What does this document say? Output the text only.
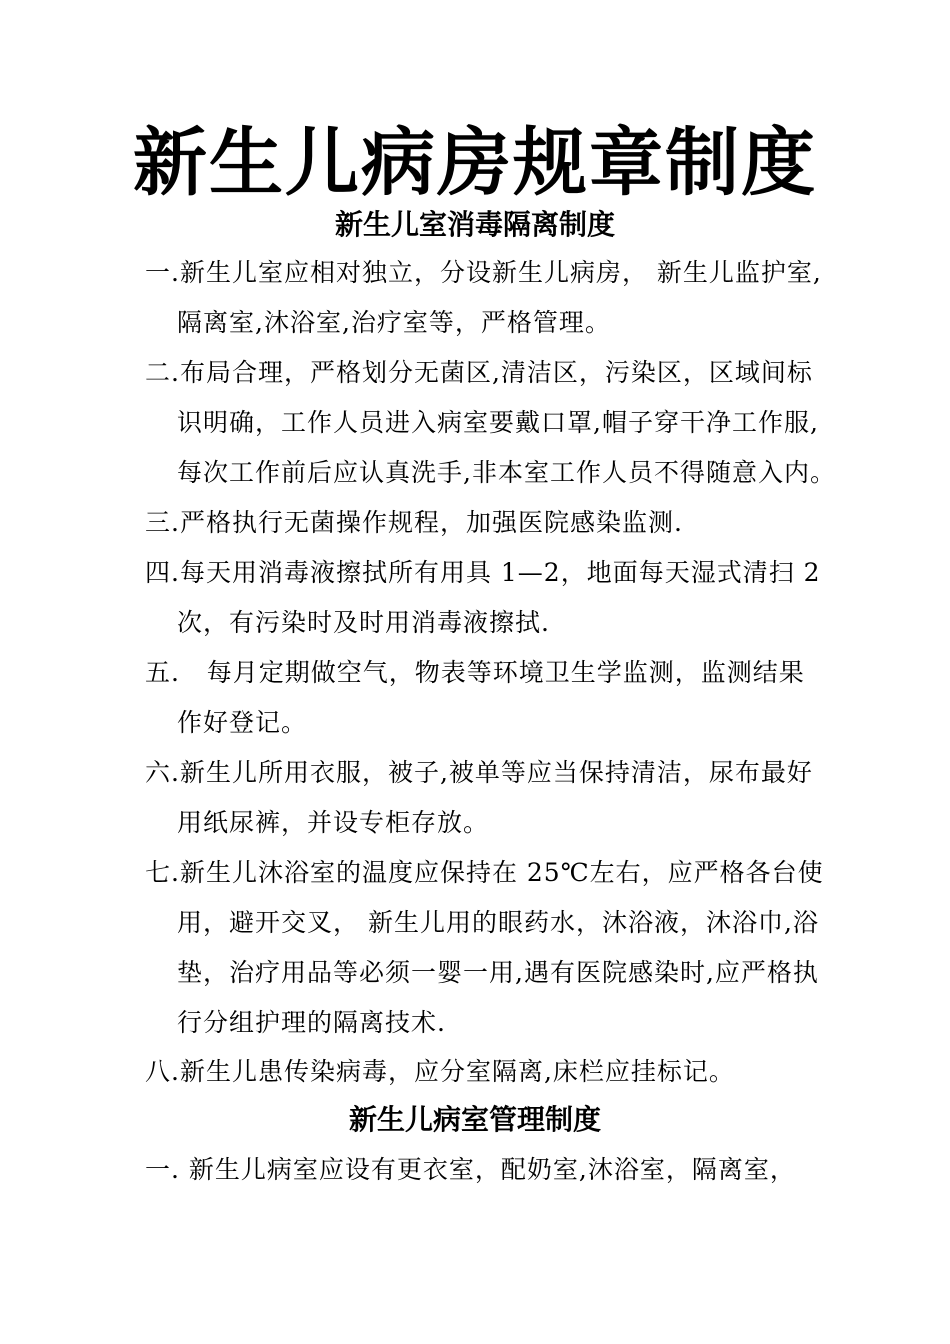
新生儿病房规章制度
新生儿室消毒隔离制度
一.新生儿室应相对独立，分设新生儿病房， 新生儿监护室,
隔离室,沐浴室,治疗室等，严格管理。
二.布局合理，严格划分无菌区,清洁区，污染区，区域间标
识明确，工作人员进入病室要戴口罩,帽子穿干净工作服,
每次工作前后应认真洗手,非本室工作人员不得随意入内。
三.严格执行无菌操作规程，加强医院感染监测.
四.每天用消毒液擦拭所有用具 1—2，地面每天湿式清扫 2
次，有污染时及时用消毒液擦拭.
五.   每月定期做空气，物表等环境卫生学监测，监测结果
作好登记。
六.新生儿所用衣服，被子,被单等应当保持清洁，尿布最好
用纸尿裤，并设专柜存放。
七.新生儿沐浴室的温度应保持在 25℃左右，应严格各台使
用，避开交叉， 新生儿用的眼药水，沐浴液，沐浴巾,浴
垫，治疗用品等必须一婴一用,遇有医院感染时,应严格执
行分组护理的隔离技术.
八.新生儿患传染病毒，应分室隔离,床栏应挂标记。
新生儿病室管理制度
一. 新生儿病室应设有更衣室，配奶室,沐浴室，隔离室，
